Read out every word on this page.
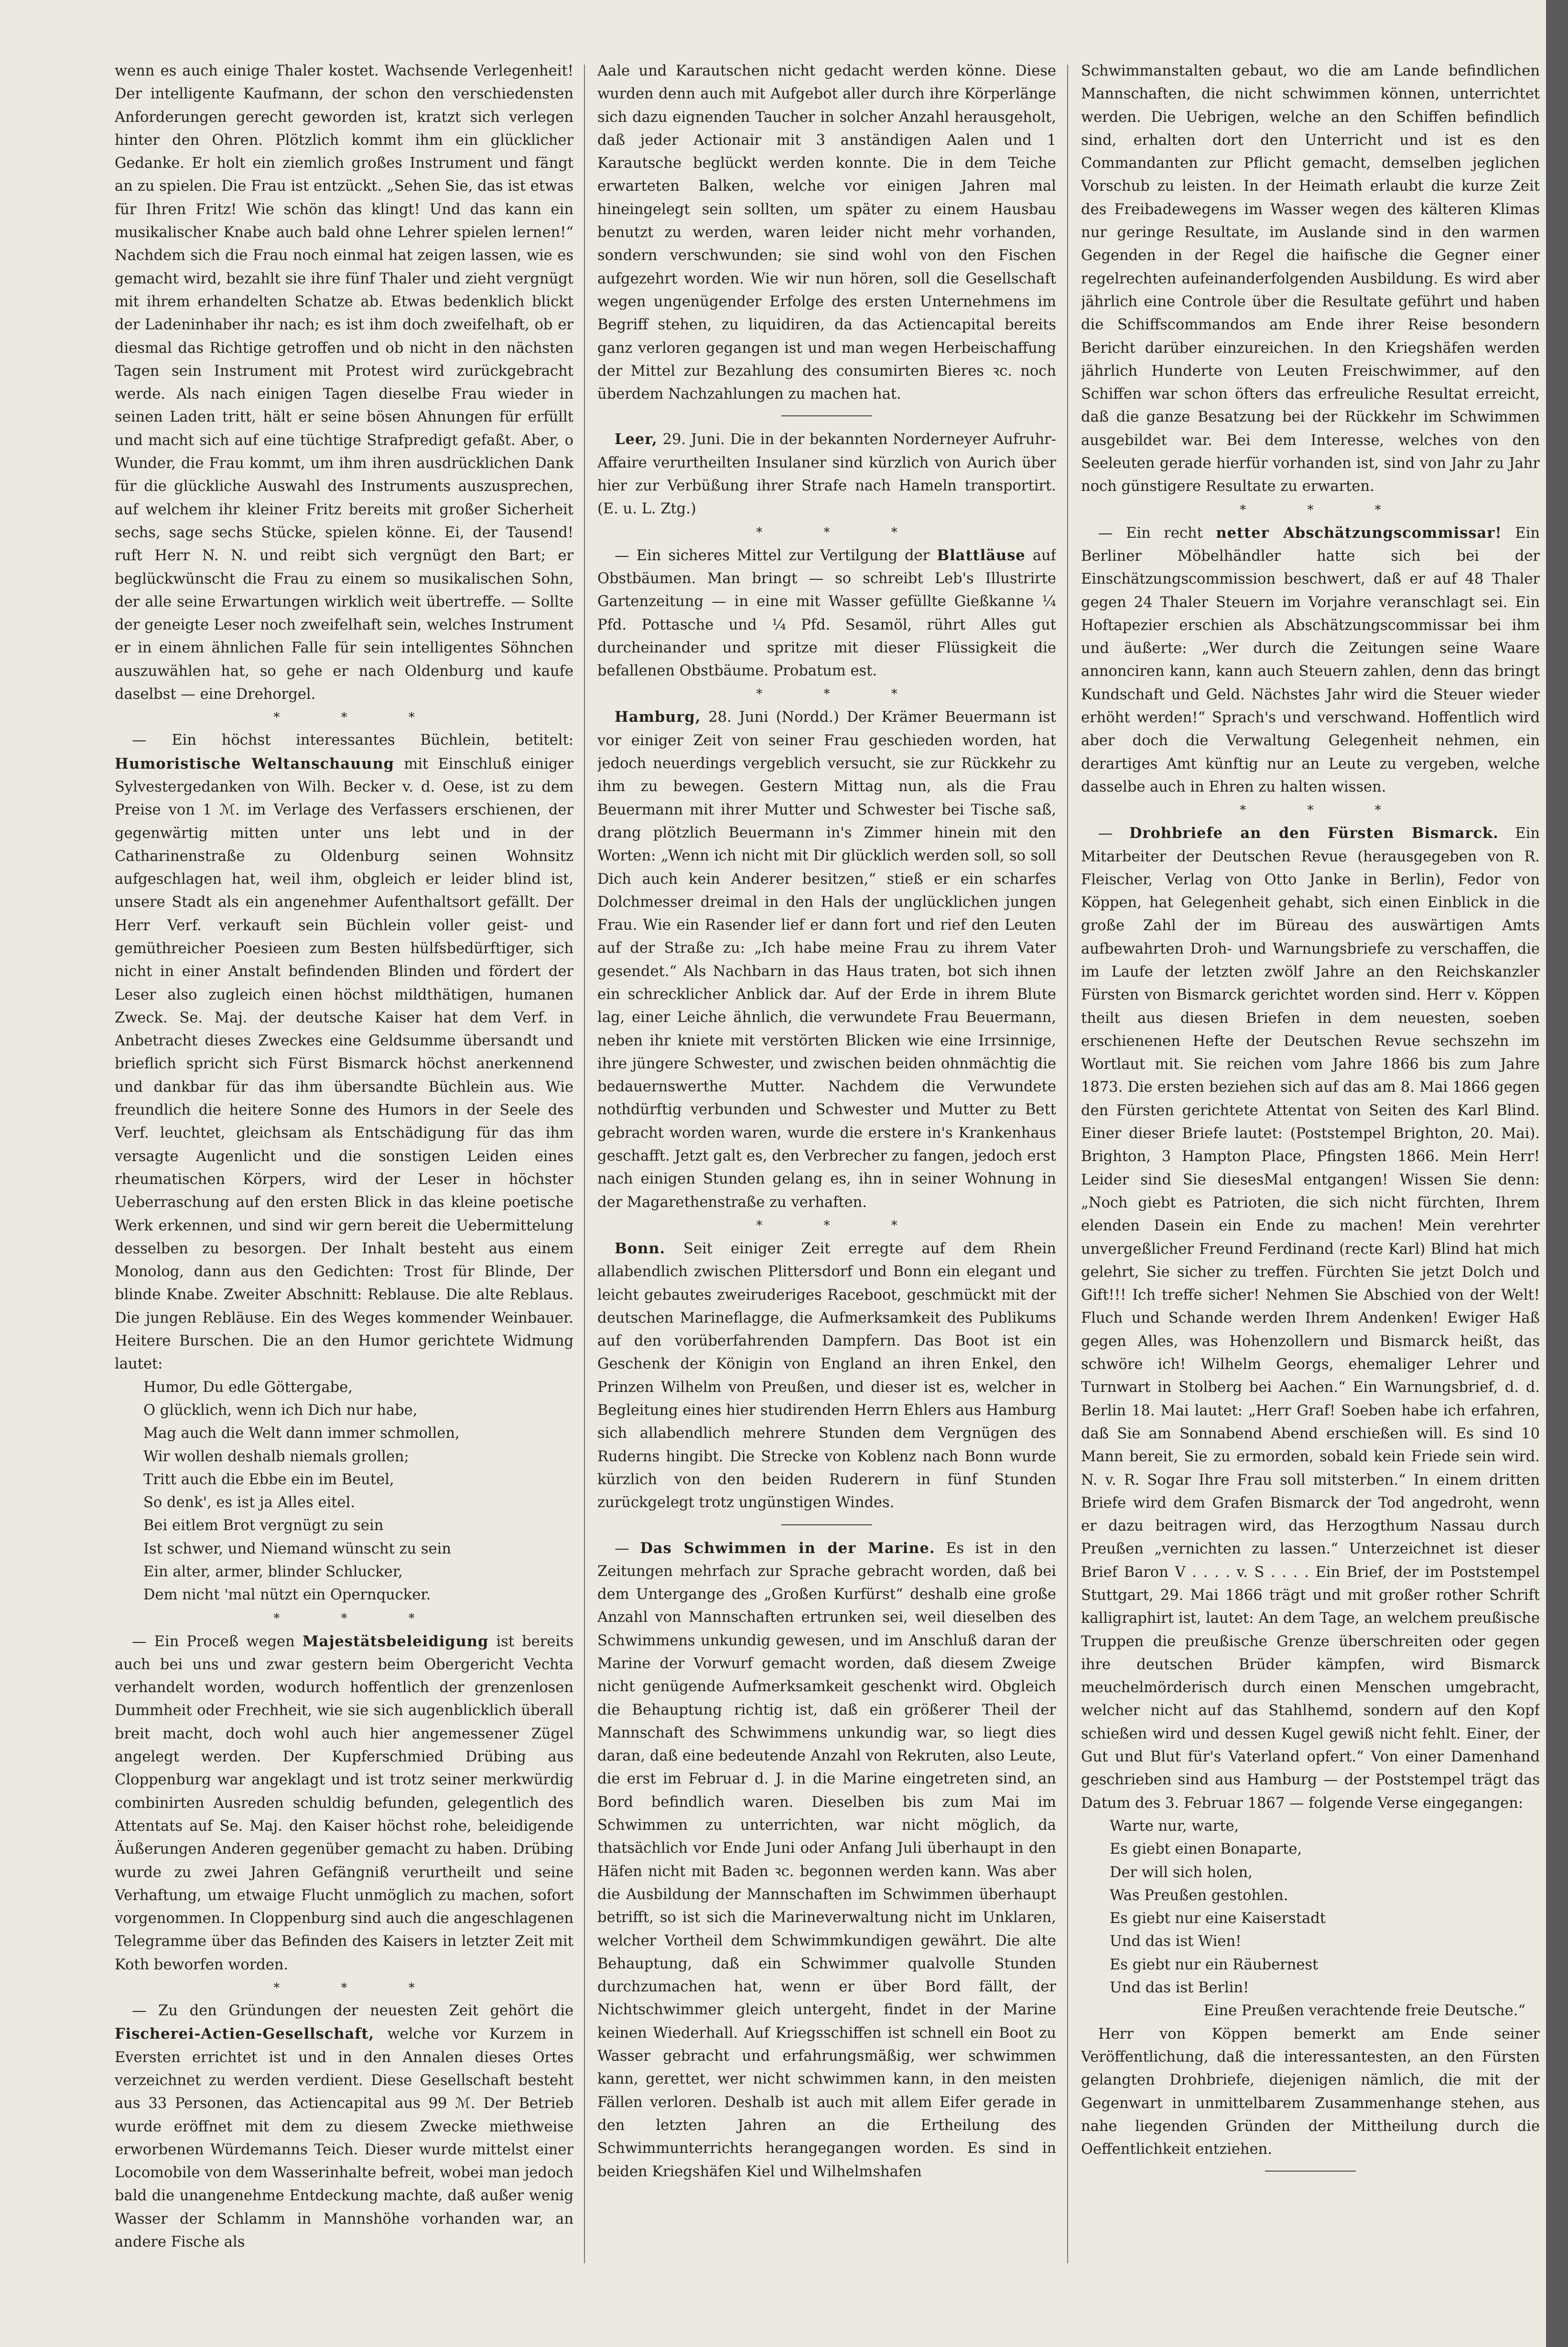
wenn es auch einige Thaler kostet. Wachsende Verlegenheit! Der intelligente Kaufmann, der schon den verschiedensten Anforderungen gerecht geworden ist, kratzt sich verlegen hinter den Ohren. Plötzlich kommt ihm ein glücklicher Gedanke. Er holt ein ziemlich großes Instrument und fängt an zu spielen. Die Frau ist entzückt. „Sehen Sie, das ist etwas für Ihren Fritz! Wie schön das klingt! Und das kann ein musikalischer Knabe auch bald ohne Lehrer spielen lernen!“ Nachdem sich die Frau noch einmal hat zeigen lassen, wie es gemacht wird, bezahlt sie ihre fünf Thaler und zieht vergnügt mit ihrem erhandelten Schatze ab. Etwas bedenklich blickt der Ladeninhaber ihr nach; es ist ihm doch zweifelhaft, ob er diesmal das Richtige getroffen und ob nicht in den nächsten Tagen sein Instrument mit Protest wird zurückgebracht werde. Als nach einigen Tagen dieselbe Frau wieder in seinen Laden tritt, hält er seine bösen Ahnungen für erfüllt und macht sich auf eine tüchtige Strafpredigt gefaßt. Aber, o Wunder, die Frau kommt, um ihm ihren ausdrücklichen Dank für die glückliche Auswahl des Instruments auszusprechen, auf welchem ihr kleiner Fritz bereits mit großer Sicherheit sechs, sage sechs Stücke, spielen könne. Ei, der Tausend! ruft Herr N. N. und reibt sich vergnügt den Bart; er beglückwünscht die Frau zu einem so musikalischen Sohn, der alle seine Erwartungen wirklich weit übertreffe. — Sollte der geneigte Leser noch zweifelhaft sein, welches Instrument er in einem ähnlichen Falle für sein intelligentes Söhnchen auszuwählen hat, so gehe er nach Oldenburg und kaufe daselbst — eine Drehorgel.

* * *

— Ein höchst interessantes Büchlein, betitelt: Humoristische Weltanschauung mit Einschluß einiger Sylvestergedanken von Wilh. Becker v. d. Oese, ist zu dem Preise von 1 ℳ. im Verlage des Verfassers erschienen, der gegenwärtig mitten unter uns lebt und in der Catharinenstraße zu Oldenburg seinen Wohnsitz aufgeschlagen hat, weil ihm, obgleich er leider blind ist, unsere Stadt als ein angenehmer Aufenthaltsort gefällt. Der Herr Verf. verkauft sein Büchlein voller geist- und gemüthreicher Poesieen zum Besten hülfsbedürftiger, sich nicht in einer Anstalt befindenden Blinden und fördert der Leser also zugleich einen höchst mildthätigen, humanen Zweck. Se. Maj. der deutsche Kaiser hat dem Verf. in Anbetracht dieses Zweckes eine Geldsumme übersandt und brieflich spricht sich Fürst Bismarck höchst anerkennend und dankbar für das ihm übersandte Büchlein aus. Wie freundlich die heitere Sonne des Humors in der Seele des Verf. leuchtet, gleichsam als Entschädigung für das ihm versagte Augenlicht und die sonstigen Leiden eines rheumatischen Körpers, wird der Leser in höchster Ueberraschung auf den ersten Blick in das kleine poetische Werk erkennen, und sind wir gern bereit die Uebermittelung desselben zu besorgen. Der Inhalt besteht aus einem Monolog, dann aus den Gedichten: Trost für Blinde, Der blinde Knabe. Zweiter Abschnitt: Reblause. Die alte Reblaus. Die jungen Rebläuse. Ein des Weges kommender Weinbauer. Heitere Burschen. Die an den Humor gerichtete Widmung lautet:

Humor, Du edle Göttergabe,
O glücklich, wenn ich Dich nur habe,
Mag auch die Welt dann immer schmollen,
Wir wollen deshalb niemals grollen;
Tritt auch die Ebbe ein im Beutel,
So denk', es ist ja Alles eitel.
Bei eitlem Brot vergnügt zu sein
Ist schwer, und Niemand wünscht zu sein
Ein alter, armer, blinder Schlucker,
Dem nicht 'mal nützt ein Opernqucker.
* * *

— Ein Proceß wegen Majestätsbeleidigung ist bereits auch bei uns und zwar gestern beim Obergericht Vechta verhandelt worden, wodurch hoffentlich der grenzenlosen Dummheit oder Frechheit, wie sie sich augenblicklich überall breit macht, doch wohl auch hier angemessener Zügel angelegt werden. Der Kupferschmied Drübing aus Cloppenburg war angeklagt und ist trotz seiner merkwürdig combinirten Ausreden schuldig befunden, gelegentlich des Attentats auf Se. Maj. den Kaiser höchst rohe, beleidigende Äußerungen Anderen gegenüber gemacht zu haben. Drübing wurde zu zwei Jahren Gefängniß verurtheilt und seine Verhaftung, um etwaige Flucht unmöglich zu machen, sofort vorgenommen. In Cloppenburg sind auch die angeschlagenen Telegramme über das Befinden des Kaisers in letzter Zeit mit Koth beworfen worden.

* * *

— Zu den Gründungen der neuesten Zeit gehört die Fischerei-Actien-Gesellschaft, welche vor Kurzem in Eversten errichtet ist und in den Annalen dieses Ortes verzeichnet zu werden verdient. Diese Gesellschaft besteht aus 33 Personen, das Actiencapital aus 99 ℳ. Der Betrieb wurde eröffnet mit dem zu diesem Zwecke miethweise erworbenen Würdemanns Teich. Dieser wurde mittelst einer Locomobile von dem Wasserinhalte befreit, wobei man jedoch bald die unangenehme Entdeckung machte, daß außer wenig Wasser der Schlamm in Mannshöhe vorhanden war, an andere Fische als

Aale und Karautschen nicht gedacht werden könne. Diese wurden denn auch mit Aufgebot aller durch ihre Körperlänge sich dazu eignenden Taucher in solcher Anzahl herausgeholt, daß jeder Actionair mit 3 anständigen Aalen und 1 Karautsche beglückt werden konnte. Die in dem Teiche erwarteten Balken, welche vor einigen Jahren mal hineingelegt sein sollten, um später zu einem Hausbau benutzt zu werden, waren leider nicht mehr vorhanden, sondern verschwunden; sie sind wohl von den Fischen aufgezehrt worden. Wie wir nun hören, soll die Gesellschaft wegen ungenügender Erfolge des ersten Unternehmens im Begriff stehen, zu liquidiren, da das Actiencapital bereits ganz verloren gegangen ist und man wegen Herbeischaffung der Mittel zur Bezahlung des consumirten Bieres ꝛc. noch überdem Nachzahlungen zu machen hat.

Leer, 29. Juni. Die in der bekannten Norderneyer Aufruhr-Affaire verurtheilten Insulaner sind kürzlich von Aurich über hier zur Verbüßung ihrer Strafe nach Hameln transportirt. (E. u. L. Ztg.)

* * *

— Ein sicheres Mittel zur Vertilgung der Blattläuse auf Obstbäumen. Man bringt — so schreibt Leb's Illustrirte Gartenzeitung — in eine mit Wasser gefüllte Gießkanne ¼ Pfd. Pottasche und ¼ Pfd. Sesamöl, rührt Alles gut durcheinander und spritze mit dieser Flüssigkeit die befallenen Obstbäume. Probatum est.

* * *

Hamburg, 28. Juni (Nordd.) Der Krämer Beuermann ist vor einiger Zeit von seiner Frau geschieden worden, hat jedoch neuerdings vergeblich versucht, sie zur Rückkehr zu ihm zu bewegen. Gestern Mittag nun, als die Frau Beuermann mit ihrer Mutter und Schwester bei Tische saß, drang plötzlich Beuermann in's Zimmer hinein mit den Worten: „Wenn ich nicht mit Dir glücklich werden soll, so soll Dich auch kein Anderer besitzen,“ stieß er ein scharfes Dolchmesser dreimal in den Hals der unglücklichen jungen Frau. Wie ein Rasender lief er dann fort und rief den Leuten auf der Straße zu: „Ich habe meine Frau zu ihrem Vater gesendet.“ Als Nachbarn in das Haus traten, bot sich ihnen ein schrecklicher Anblick dar. Auf der Erde in ihrem Blute lag, einer Leiche ähnlich, die verwundete Frau Beuermann, neben ihr kniete mit verstörten Blicken wie eine Irrsinnige, ihre jüngere Schwester, und zwischen beiden ohnmächtig die bedauernswerthe Mutter. Nachdem die Verwundete nothdürftig verbunden und Schwester und Mutter zu Bett gebracht worden waren, wurde die erstere in's Krankenhaus geschafft. Jetzt galt es, den Verbrecher zu fangen, jedoch erst nach einigen Stunden gelang es, ihn in seiner Wohnung in der Magarethenstraße zu verhaften.

* * *

Bonn. Seit einiger Zeit erregte auf dem Rhein allabendlich zwischen Plittersdorf und Bonn ein elegant und leicht gebautes zweiruderiges Raceboot, geschmückt mit der deutschen Marineflagge, die Aufmerksamkeit des Publikums auf den vorüberfahrenden Dampfern. Das Boot ist ein Geschenk der Königin von England an ihren Enkel, den Prinzen Wilhelm von Preußen, und dieser ist es, welcher in Begleitung eines hier studirenden Herrn Ehlers aus Hamburg sich allabendlich mehrere Stunden dem Vergnügen des Ruderns hingibt. Die Strecke von Koblenz nach Bonn wurde kürzlich von den beiden Ruderern in fünf Stunden zurückgelegt trotz ungünstigen Windes.

— Das Schwimmen in der Marine. Es ist in den Zeitungen mehrfach zur Sprache gebracht worden, daß bei dem Untergange des „Großen Kurfürst“ deshalb eine große Anzahl von Mannschaften ertrunken sei, weil dieselben des Schwimmens unkundig gewesen, und im Anschluß daran der Marine der Vorwurf gemacht worden, daß diesem Zweige nicht genügende Aufmerksamkeit geschenkt wird. Obgleich die Behauptung richtig ist, daß ein größerer Theil der Mannschaft des Schwimmens unkundig war, so liegt dies daran, daß eine bedeutende Anzahl von Rekruten, also Leute, die erst im Februar d. J. in die Marine eingetreten sind, an Bord befindlich waren. Dieselben bis zum Mai im Schwimmen zu unterrichten, war nicht möglich, da thatsächlich vor Ende Juni oder Anfang Juli überhaupt in den Häfen nicht mit Baden ꝛc. begonnen werden kann. Was aber die Ausbildung der Mannschaften im Schwimmen überhaupt betrifft, so ist sich die Marineverwaltung nicht im Unklaren, welcher Vortheil dem Schwimmkundigen gewährt. Die alte Behauptung, daß ein Schwimmer qualvolle Stunden durchzumachen hat, wenn er über Bord fällt, der Nichtschwimmer gleich untergeht, findet in der Marine keinen Wiederhall. Auf Kriegsschiffen ist schnell ein Boot zu Wasser gebracht und erfahrungsmäßig, wer schwimmen kann, gerettet, wer nicht schwimmen kann, in den meisten Fällen verloren. Deshalb ist auch mit allem Eifer gerade in den letzten Jahren an die Ertheilung des Schwimmunterrichts herangegangen worden. Es sind in beiden Kriegshäfen Kiel und Wilhelmshafen

Schwimmanstalten gebaut, wo die am Lande befindlichen Mannschaften, die nicht schwimmen können, unterrichtet werden. Die Uebrigen, welche an den Schiffen befindlich sind, erhalten dort den Unterricht und ist es den Commandanten zur Pflicht gemacht, demselben jeglichen Vorschub zu leisten. In der Heimath erlaubt die kurze Zeit des Freibadewegens im Wasser wegen des kälteren Klimas nur geringe Resultate, im Auslande sind in den warmen Gegenden in der Regel die haifische die Gegner einer regelrechten aufeinanderfolgenden Ausbildung. Es wird aber jährlich eine Controle über die Resultate geführt und haben die Schiffscommandos am Ende ihrer Reise besondern Bericht darüber einzureichen. In den Kriegshäfen werden jährlich Hunderte von Leuten Freischwimmer, auf den Schiffen war schon öfters das erfreuliche Resultat erreicht, daß die ganze Besatzung bei der Rückkehr im Schwimmen ausgebildet war. Bei dem Interesse, welches von den Seeleuten gerade hierfür vorhanden ist, sind von Jahr zu Jahr noch günstigere Resultate zu erwarten.

* * *

— Ein recht netter Abschätzungscommissar! Ein Berliner Möbelhändler hatte sich bei der Einschätzungscommission beschwert, daß er auf 48 Thaler gegen 24 Thaler Steuern im Vorjahre veranschlagt sei. Ein Hoftapezier erschien als Abschätzungscommissar bei ihm und äußerte: „Wer durch die Zeitungen seine Waare annonciren kann, kann auch Steuern zahlen, denn das bringt Kundschaft und Geld. Nächstes Jahr wird die Steuer wieder erhöht werden!“ Sprach's und verschwand. Hoffentlich wird aber doch die Verwaltung Gelegenheit nehmen, ein derartiges Amt künftig nur an Leute zu vergeben, welche dasselbe auch in Ehren zu halten wissen.

* * *

— Drohbriefe an den Fürsten Bismarck. Ein Mitarbeiter der Deutschen Revue (herausgegeben von R. Fleischer, Verlag von Otto Janke in Berlin), Fedor von Köppen, hat Gelegenheit gehabt, sich einen Einblick in die große Zahl der im Büreau des auswärtigen Amts aufbewahrten Droh- und Warnungsbriefe zu verschaffen, die im Laufe der letzten zwölf Jahre an den Reichskanzler Fürsten von Bismarck gerichtet worden sind. Herr v. Köppen theilt aus diesen Briefen in dem neuesten, soeben erschienenen Hefte der Deutschen Revue sechszehn im Wortlaut mit. Sie reichen vom Jahre 1866 bis zum Jahre 1873. Die ersten beziehen sich auf das am 8. Mai 1866 gegen den Fürsten gerichtete Attentat von Seiten des Karl Blind. Einer dieser Briefe lautet: (Poststempel Brighton, 20. Mai). Brighton, 3 Hampton Place, Pfingsten 1866. Mein Herr! Leider sind Sie diesesMal entgangen! Wissen Sie denn: „Noch giebt es Patrioten, die sich nicht fürchten, Ihrem elenden Dasein ein Ende zu machen! Mein verehrter unvergeßlicher Freund Ferdinand (recte Karl) Blind hat mich gelehrt, Sie sicher zu treffen. Fürchten Sie jetzt Dolch und Gift!!! Ich treffe sicher! Nehmen Sie Abschied von der Welt! Fluch und Schande werden Ihrem Andenken! Ewiger Haß gegen Alles, was Hohenzollern und Bismarck heißt, das schwöre ich! Wilhelm Georgs, ehemaliger Lehrer und Turnwart in Stolberg bei Aachen.“ Ein Warnungsbrief, d. d. Berlin 18. Mai lautet: „Herr Graf! Soeben habe ich erfahren, daß Sie am Sonnabend Abend erschießen will. Es sind 10 Mann bereit, Sie zu ermorden, sobald kein Friede sein wird. N. v. R. Sogar Ihre Frau soll mitsterben.“ In einem dritten Briefe wird dem Grafen Bismarck der Tod angedroht, wenn er dazu beitragen wird, das Herzogthum Nassau durch Preußen „vernichten zu lassen.“ Unterzeichnet ist dieser Brief Baron V . . . . v. S . . . . Ein Brief, der im Poststempel Stuttgart, 29. Mai 1866 trägt und mit großer rother Schrift kalligraphirt ist, lautet: An dem Tage, an welchem preußische Truppen die preußische Grenze überschreiten oder gegen ihre deutschen Brüder kämpfen, wird Bismarck meuchelmörderisch durch einen Menschen umgebracht, welcher nicht auf das Stahlhemd, sondern auf den Kopf schießen wird und dessen Kugel gewiß nicht fehlt. Einer, der Gut und Blut für's Vaterland opfert.“ Von einer Damenhand geschrieben sind aus Hamburg — der Poststempel trägt das Datum des 3. Februar 1867 — folgende Verse eingegangen:

Warte nur, warte,
Es giebt einen Bonaparte,
Der will sich holen,
Was Preußen gestohlen.
Es giebt nur eine Kaiserstadt
Und das ist Wien!
Es giebt nur ein Räubernest
Und das ist Berlin!

Eine Preußen verachtende freie Deutsche.“

Herr von Köppen bemerkt am Ende seiner Veröffentlichung, daß die interessantesten, an den Fürsten gelangten Drohbriefe, diejenigen nämlich, die mit der Gegenwart in unmittelbarem Zusammenhange stehen, aus nahe liegenden Gründen der Mittheilung durch die Oeffentlichkeit entziehen.
